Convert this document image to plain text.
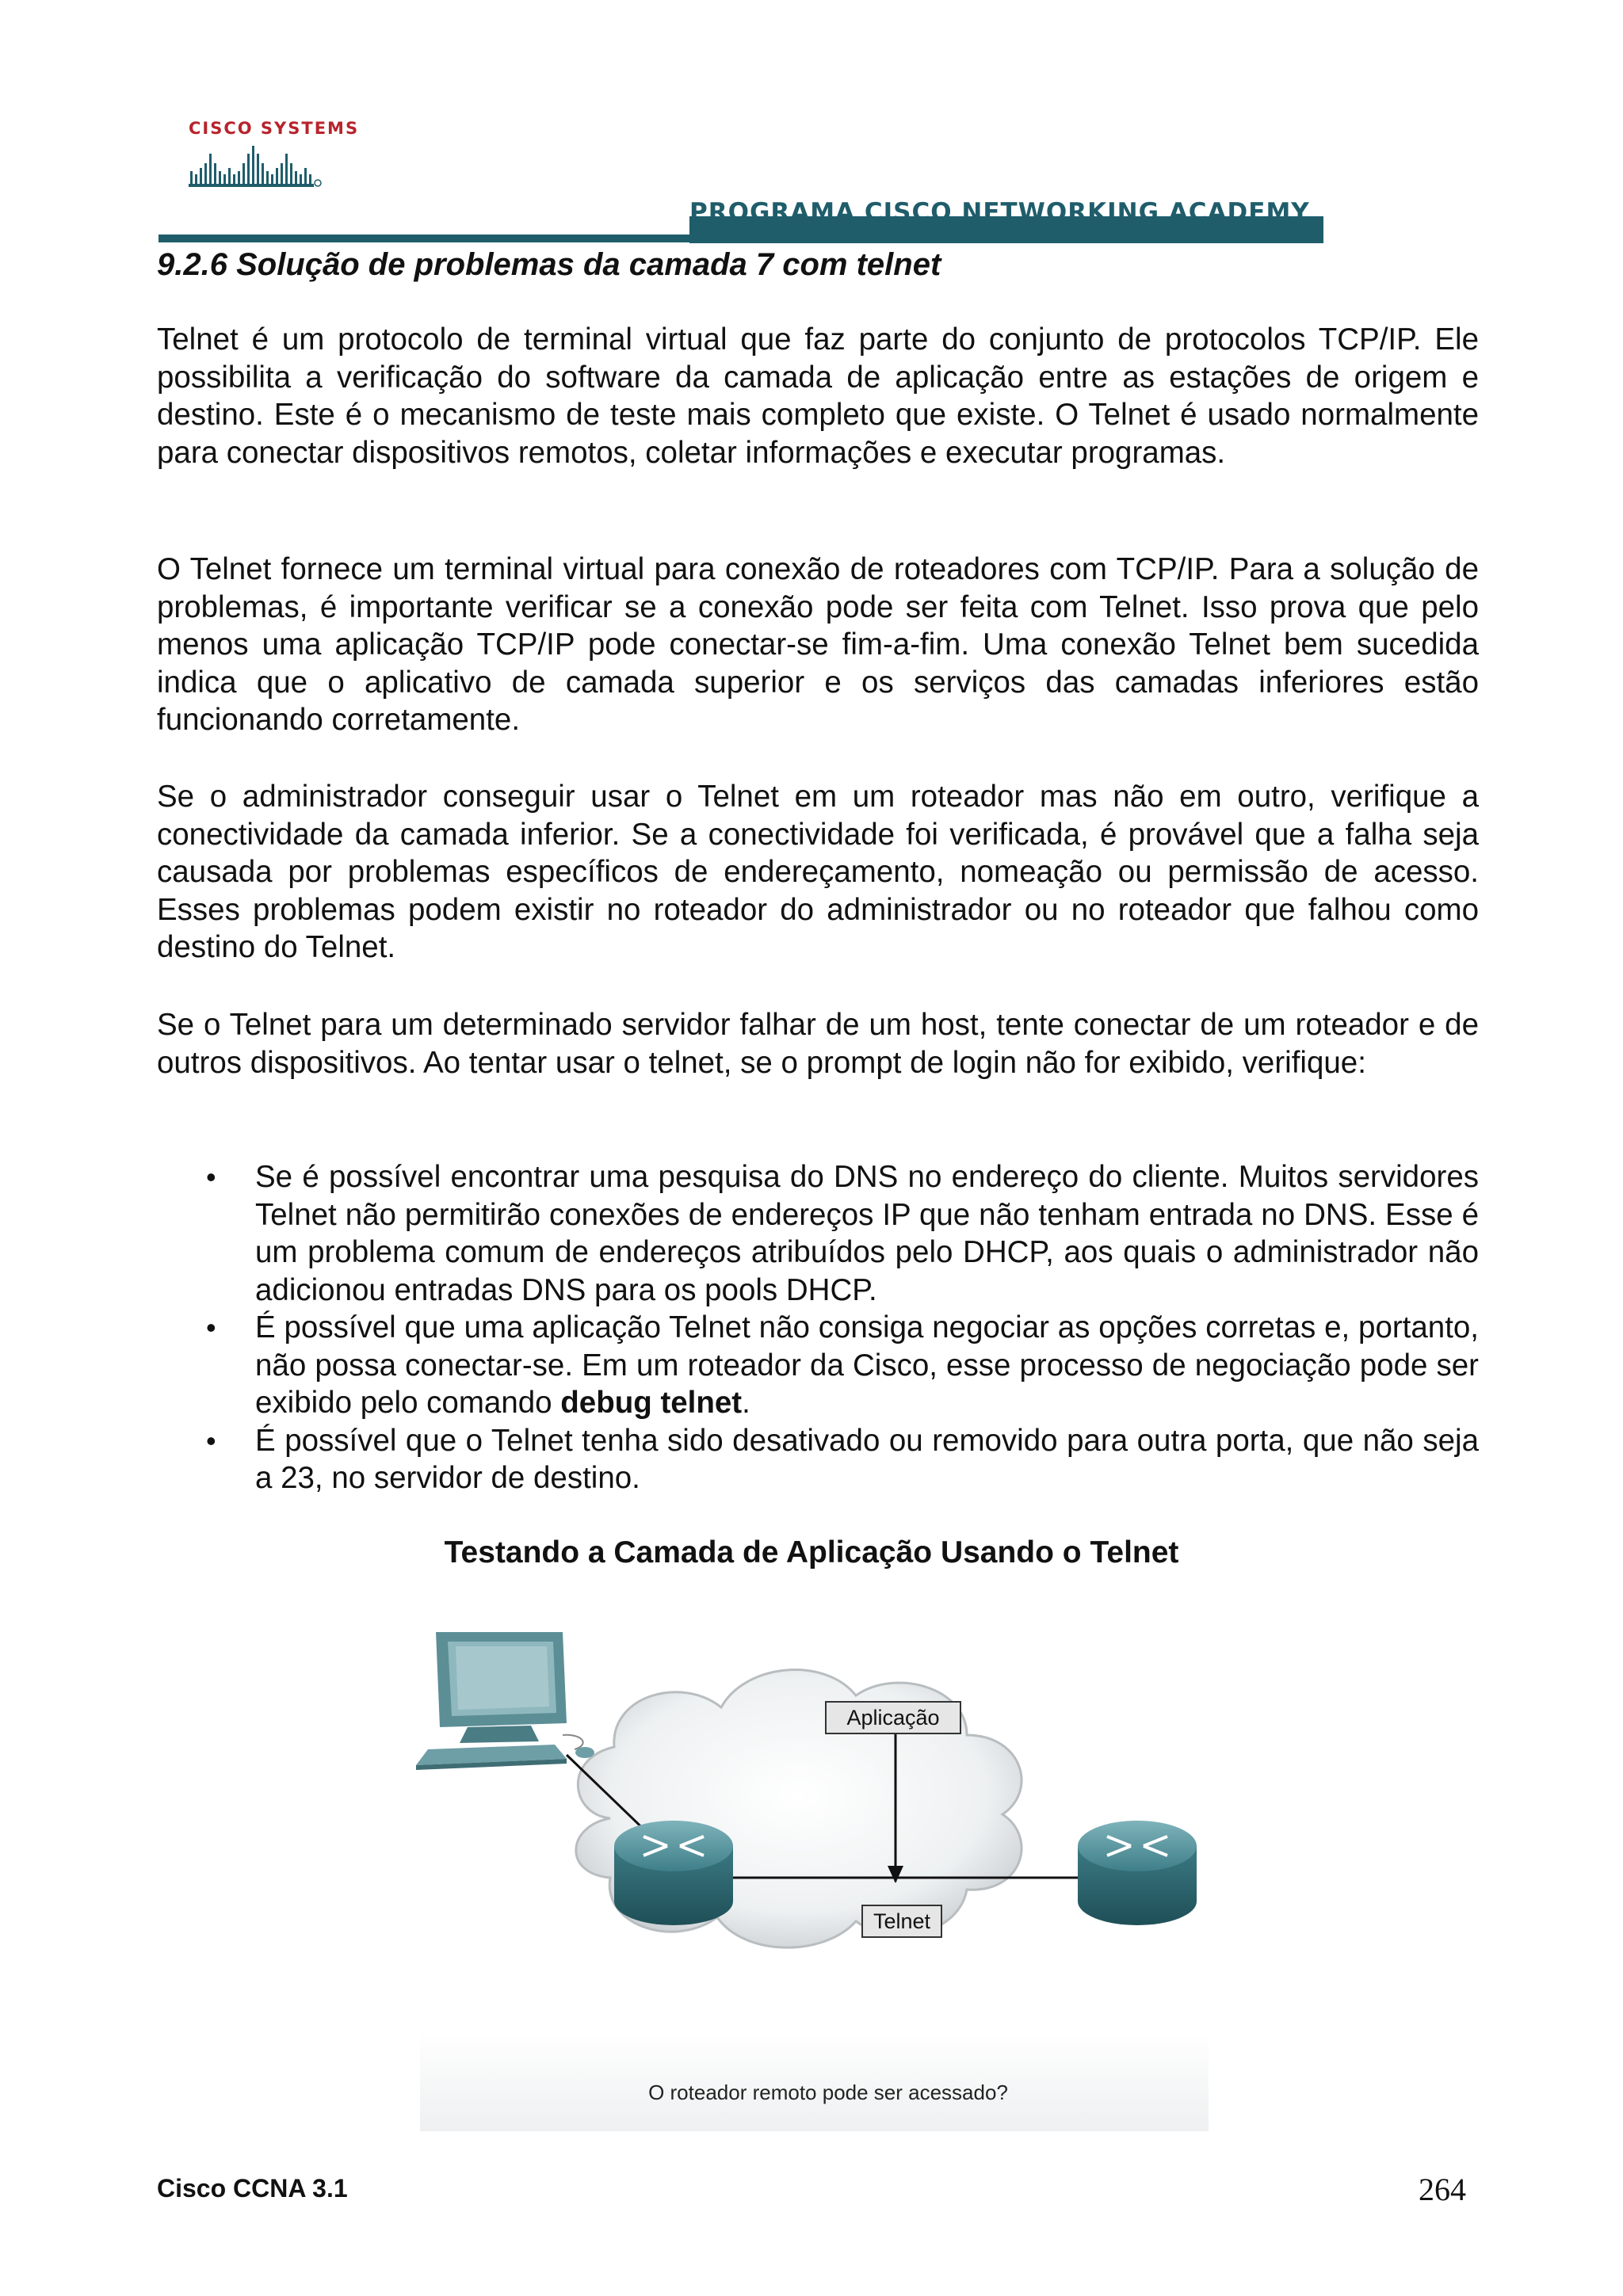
CISCO SYSTEMS
PROGRAMA CISCO NETWORKING ACADEMY
9.2.6 Solução de problemas da camada 7 com telnet
Telnet é um protocolo de terminal virtual que faz parte do conjunto de protocolos TCP/IP. Ele possibilita a verificação do software da camada de aplicação entre as estações de origem e destino. Este é o mecanismo de teste mais completo que existe. O Telnet é usado normalmente para conectar dispositivos remotos, coletar informações e executar programas.
O Telnet fornece um terminal virtual para conexão de roteadores com TCP/IP. Para a solução de problemas, é importante verificar se a conexão pode ser feita com Telnet. Isso prova que pelo menos uma aplicação TCP/IP pode conectar-se fim-a-fim. Uma conexão Telnet bem sucedida indica que o aplicativo de camada superior e os serviços das camadas inferiores estão funcionando corretamente.
Se o administrador conseguir usar o Telnet em um roteador mas não em outro, verifique a conectividade da camada inferior. Se a conectividade foi verificada, é provável que a falha seja causada por problemas específicos de endereçamento, nomeação ou permissão de acesso. Esses problemas podem existir no roteador do administrador ou no roteador que falhou como destino do Telnet.
Se o Telnet para um determinado servidor falhar de um host, tente conectar de um roteador e de outros dispositivos. Ao tentar usar o telnet, se o prompt de login não for exibido, verifique:
• Se é possível encontrar uma pesquisa do DNS no endereço do cliente. Muitos servidores Telnet não permitirão conexões de endereços IP que não tenham entrada no DNS. Esse é um problema comum de endereços atribuídos pelo DHCP, aos quais o administrador não adicionou entradas DNS para os pools DHCP.
• É possível que uma aplicação Telnet não consiga negociar as opções corretas e, portanto, não possa conectar-se. Em um roteador da Cisco, esse processo de negociação pode ser exibido pelo comando debug telnet.
• É possível que o Telnet tenha sido desativado ou removido para outra porta, que não seja a 23, no servidor de destino.
Testando a Camada de Aplicação Usando o Telnet
Aplicação
Telnet
O roteador remoto pode ser acessado?
Cisco CCNA 3.1	264
